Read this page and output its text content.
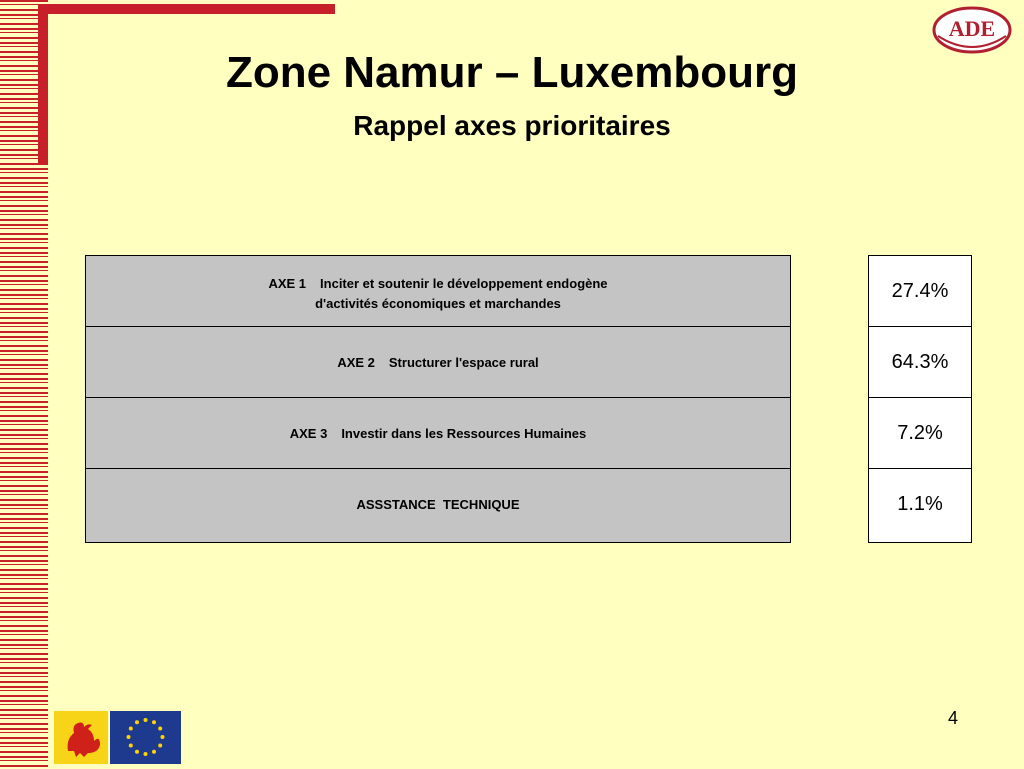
ADE
Zone Namur – Luxembourg
Rappel axes prioritaires
AXE 1 Inciter et soutenir le développement endogène
d'activités économiques et marchandes
AXE 2 Structurer l'espace rural
AXE 3 Investir dans les Ressources Humaines
ASSSTANCE  TECHNIQUE
27.4%
64.3%
7.2%
1.1%
4
